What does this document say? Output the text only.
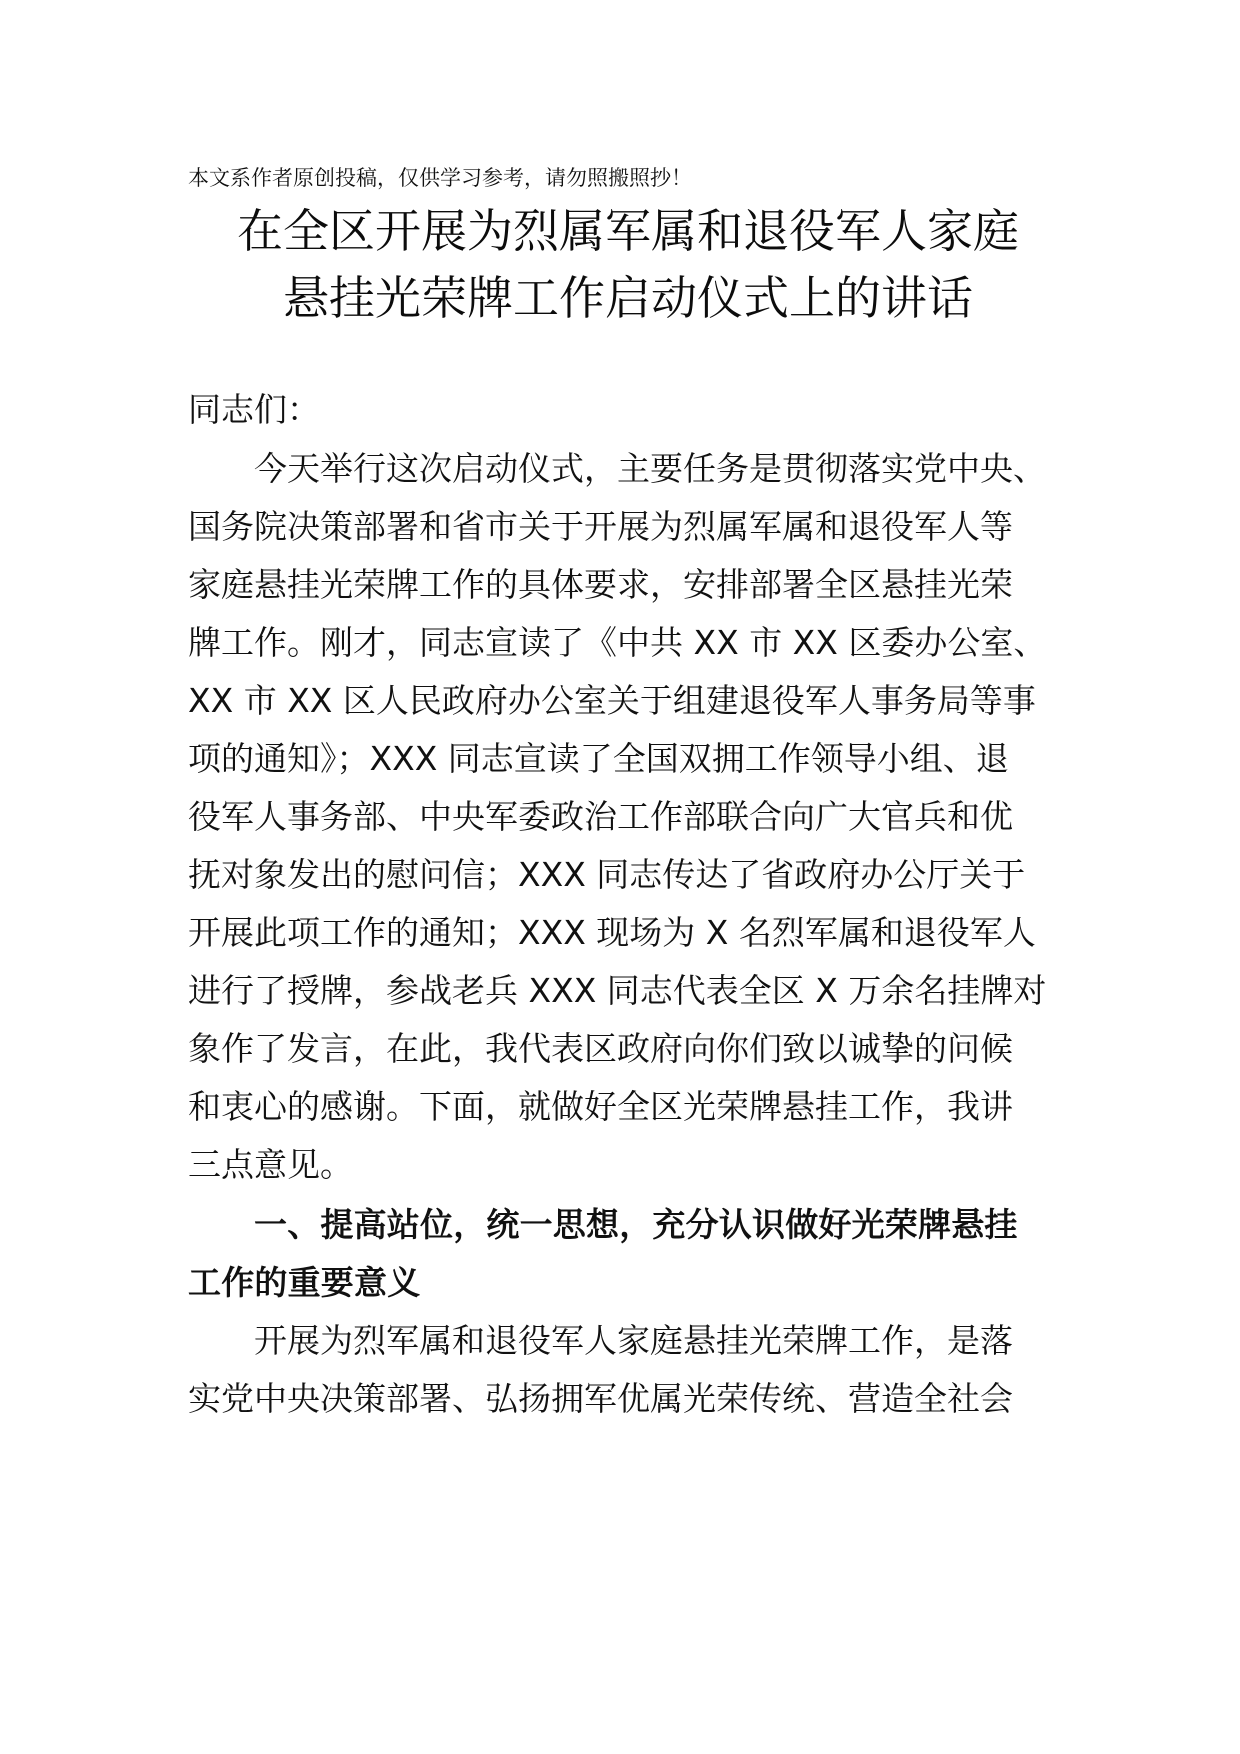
本文系作者原创投稿，仅供学习参考，请勿照搬照抄！
在全区开展为烈属军属和退役军人家庭
悬挂光荣牌工作启动仪式上的讲话
同志们：
今天举行这次启动仪式，主要任务是贯彻落实党中央、
国务院决策部署和省市关于开展为烈属军属和退役军人等
家庭悬挂光荣牌工作的具体要求，安排部署全区悬挂光荣
牌工作。刚才，同志宣读了《中共 XX 市 XX 区委办公室、
XX 市 XX 区人民政府办公室关于组建退役军人事务局等事
项的通知》；XXX 同志宣读了全国双拥工作领导小组、退
役军人事务部、中央军委政治工作部联合向广大官兵和优
抚对象发出的慰问信；XXX 同志传达了省政府办公厅关于
开展此项工作的通知；XXX 现场为 X 名烈军属和退役军人
进行了授牌，参战老兵 XXX 同志代表全区 X 万余名挂牌对
象作了发言，在此，我代表区政府向你们致以诚挚的问候
和衷心的感谢。下面，就做好全区光荣牌悬挂工作，我讲
三点意见。
一、提高站位，统一思想，充分认识做好光荣牌悬挂
工作的重要意义
开展为烈军属和退役军人家庭悬挂光荣牌工作，是落
实党中央决策部署、弘扬拥军优属光荣传统、营造全社会
